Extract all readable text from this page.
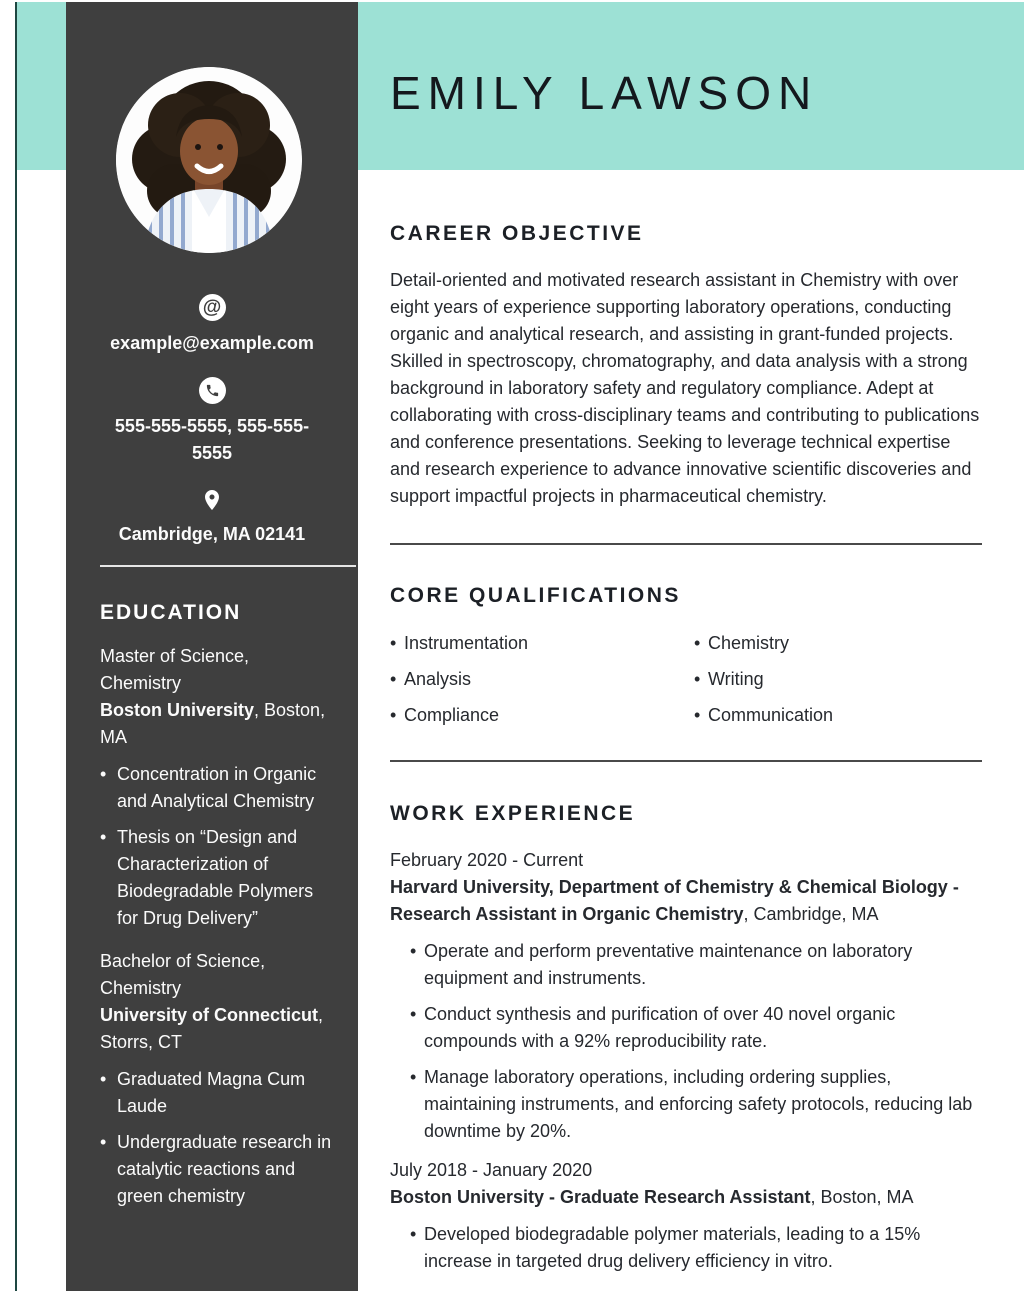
EMILY LAWSON
@
example@example.com
555-555-5555, 555-555-5555
Cambridge, MA 02141
EDUCATION
Master of Science, Chemistry
Boston University, Boston, MA
Concentration in Organic and Analytical Chemistry
Thesis on “Design and Characterization of Biodegradable Polymers for Drug Delivery”
Bachelor of Science, Chemistry
University of Connecticut, Storrs, CT
Graduated Magna Cum Laude
Undergraduate research in catalytic reactions and green chemistry
CAREER OBJECTIVE

Detail-oriented and motivated research assistant in Chemistry with over eight years of experience supporting laboratory operations, conducting organic and analytical research, and assisting in grant-funded projects. Skilled in spectroscopy, chromatography, and data analysis with a strong background in laboratory safety and regulatory compliance. Adept at collaborating with cross-disciplinary teams and contributing to publications and conference presentations. Seeking to leverage technical expertise and research experience to advance innovative scientific discoveries and support impactful projects in pharmaceutical chemistry.

CORE QUALIFICATIONS
Instrumentation	Chemistry
Analysis	Writing
Compliance	Communication
WORK EXPERIENCE
February 2020 - Current
Harvard University, Department of Chemistry & Chemical Biology - Research Assistant in Organic Chemistry, Cambridge, MA
Operate and perform preventative maintenance on laboratory equipment and instruments.
Conduct synthesis and purification of over 40 novel organic compounds with a 92% reproducibility rate.
Manage laboratory operations, including ordering supplies, maintaining instruments, and enforcing safety protocols, reducing lab downtime by 20%.
July 2018 - January 2020
Boston University - Graduate Research Assistant, Boston, MA
Developed biodegradable polymer materials, leading to a 15% increase in targeted drug delivery efficiency in vitro.
